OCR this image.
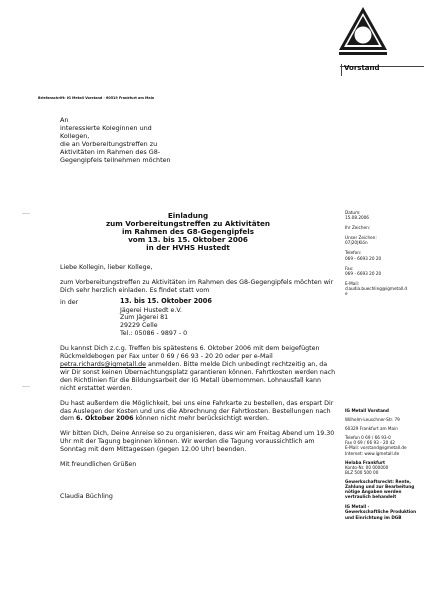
Vorstand
Briefanschrift: IG Metall Vorstand · 60519 Frankfurt am Main
An
interessierte Koleginnen und
Kollegen,
die an Vorbereitungstreffen zu
Aktivitäten im Rahmen des G8-
Gegengipfels teilnehmen möchten
——
——
Datum:
15.08.2006
Ihr Zeichen:
Unser Zeichen:
07|20|Klön
Telefon:
069 - 6693 20 20
Fax:
069 - 6693 20 20
E-Mail:
claudia.buechling@igmetall.d
e
IG Metall Vorstand
Wilhelm-Leuschner-Str. 79
60329 Frankfurt am Main
Telefon 0 69 / 66 93-0
Fax 0 69 / 66 93 - 20 42
E-Mail: vorstand@igmetall.de
Internet: www.igmetall.de
Helaba Frankfurt
Konto-Nr. 00 000000
BLZ 500 500 00
Gewerkschaftsrecht: Rente,
Zahlung und zur Bearbeitung
nötige Angaben werden
vertraulich behandelt
IG Metall -
Gewerkschaftliche Produktion
und Einrichtung im DGB
Einladung
zum Vorbereitungstreffen zu Aktivitäten
im Rahmen des G8-Gegengipfels
vom 13. bis 15. Oktober 2006
in der HVHS Hustedt

Liebe Kollegin, lieber Kollege,

zum Vorbereitungstreffen zu Aktivitäten im Rahmen des G8-Gegengipfels möchten wir Dich sehr herzlich einladen. Es findet statt vom

13. bis 15. Oktober 2006

in der

Jägerei Hustedt e.V.
Zum Jägerei 81
29229 Celle
Tel.: 05086 - 9897 - 0

Du kannst Dich z.c.g. Treffen bis spätestens 6. Oktober 2006 mit dem beigefügten Rückmeldebogen per Fax unter 0 69 / 66 93 - 20 20 oder per e-Mail petra.richards@igmetall.de anmelden. Bitte melde Dich unbedingt rechtzeitig an, da wir Dir sonst keinen Übernachtungsplatz garantieren können. Fahrtkosten werden nach den Richtlinien für die Bildungsarbeit der IG Metall übernommen. Lohnausfall kann nicht erstattet werden.

Du hast außerdem die Möglichkeit, bei uns eine Fahrkarte zu bestellen, das erspart Dir das Auslegen der Kosten und uns die Abrechnung der Fahrtkosten. Bestellungen nach dem 6. Oktober 2006 können nicht mehr berücksichtigt werden.

Wir bitten Dich, Deine Anreise so zu organisieren, dass wir am Freitag Abend um 19.30 Uhr mit der Tagung beginnen können. Wir werden die Tagung voraussichtlich am Sonntag mit dem Mittagessen (gegen 12.00 Uhr) beenden.

Mit freundlichen Grüßen

Claudia Büchling
